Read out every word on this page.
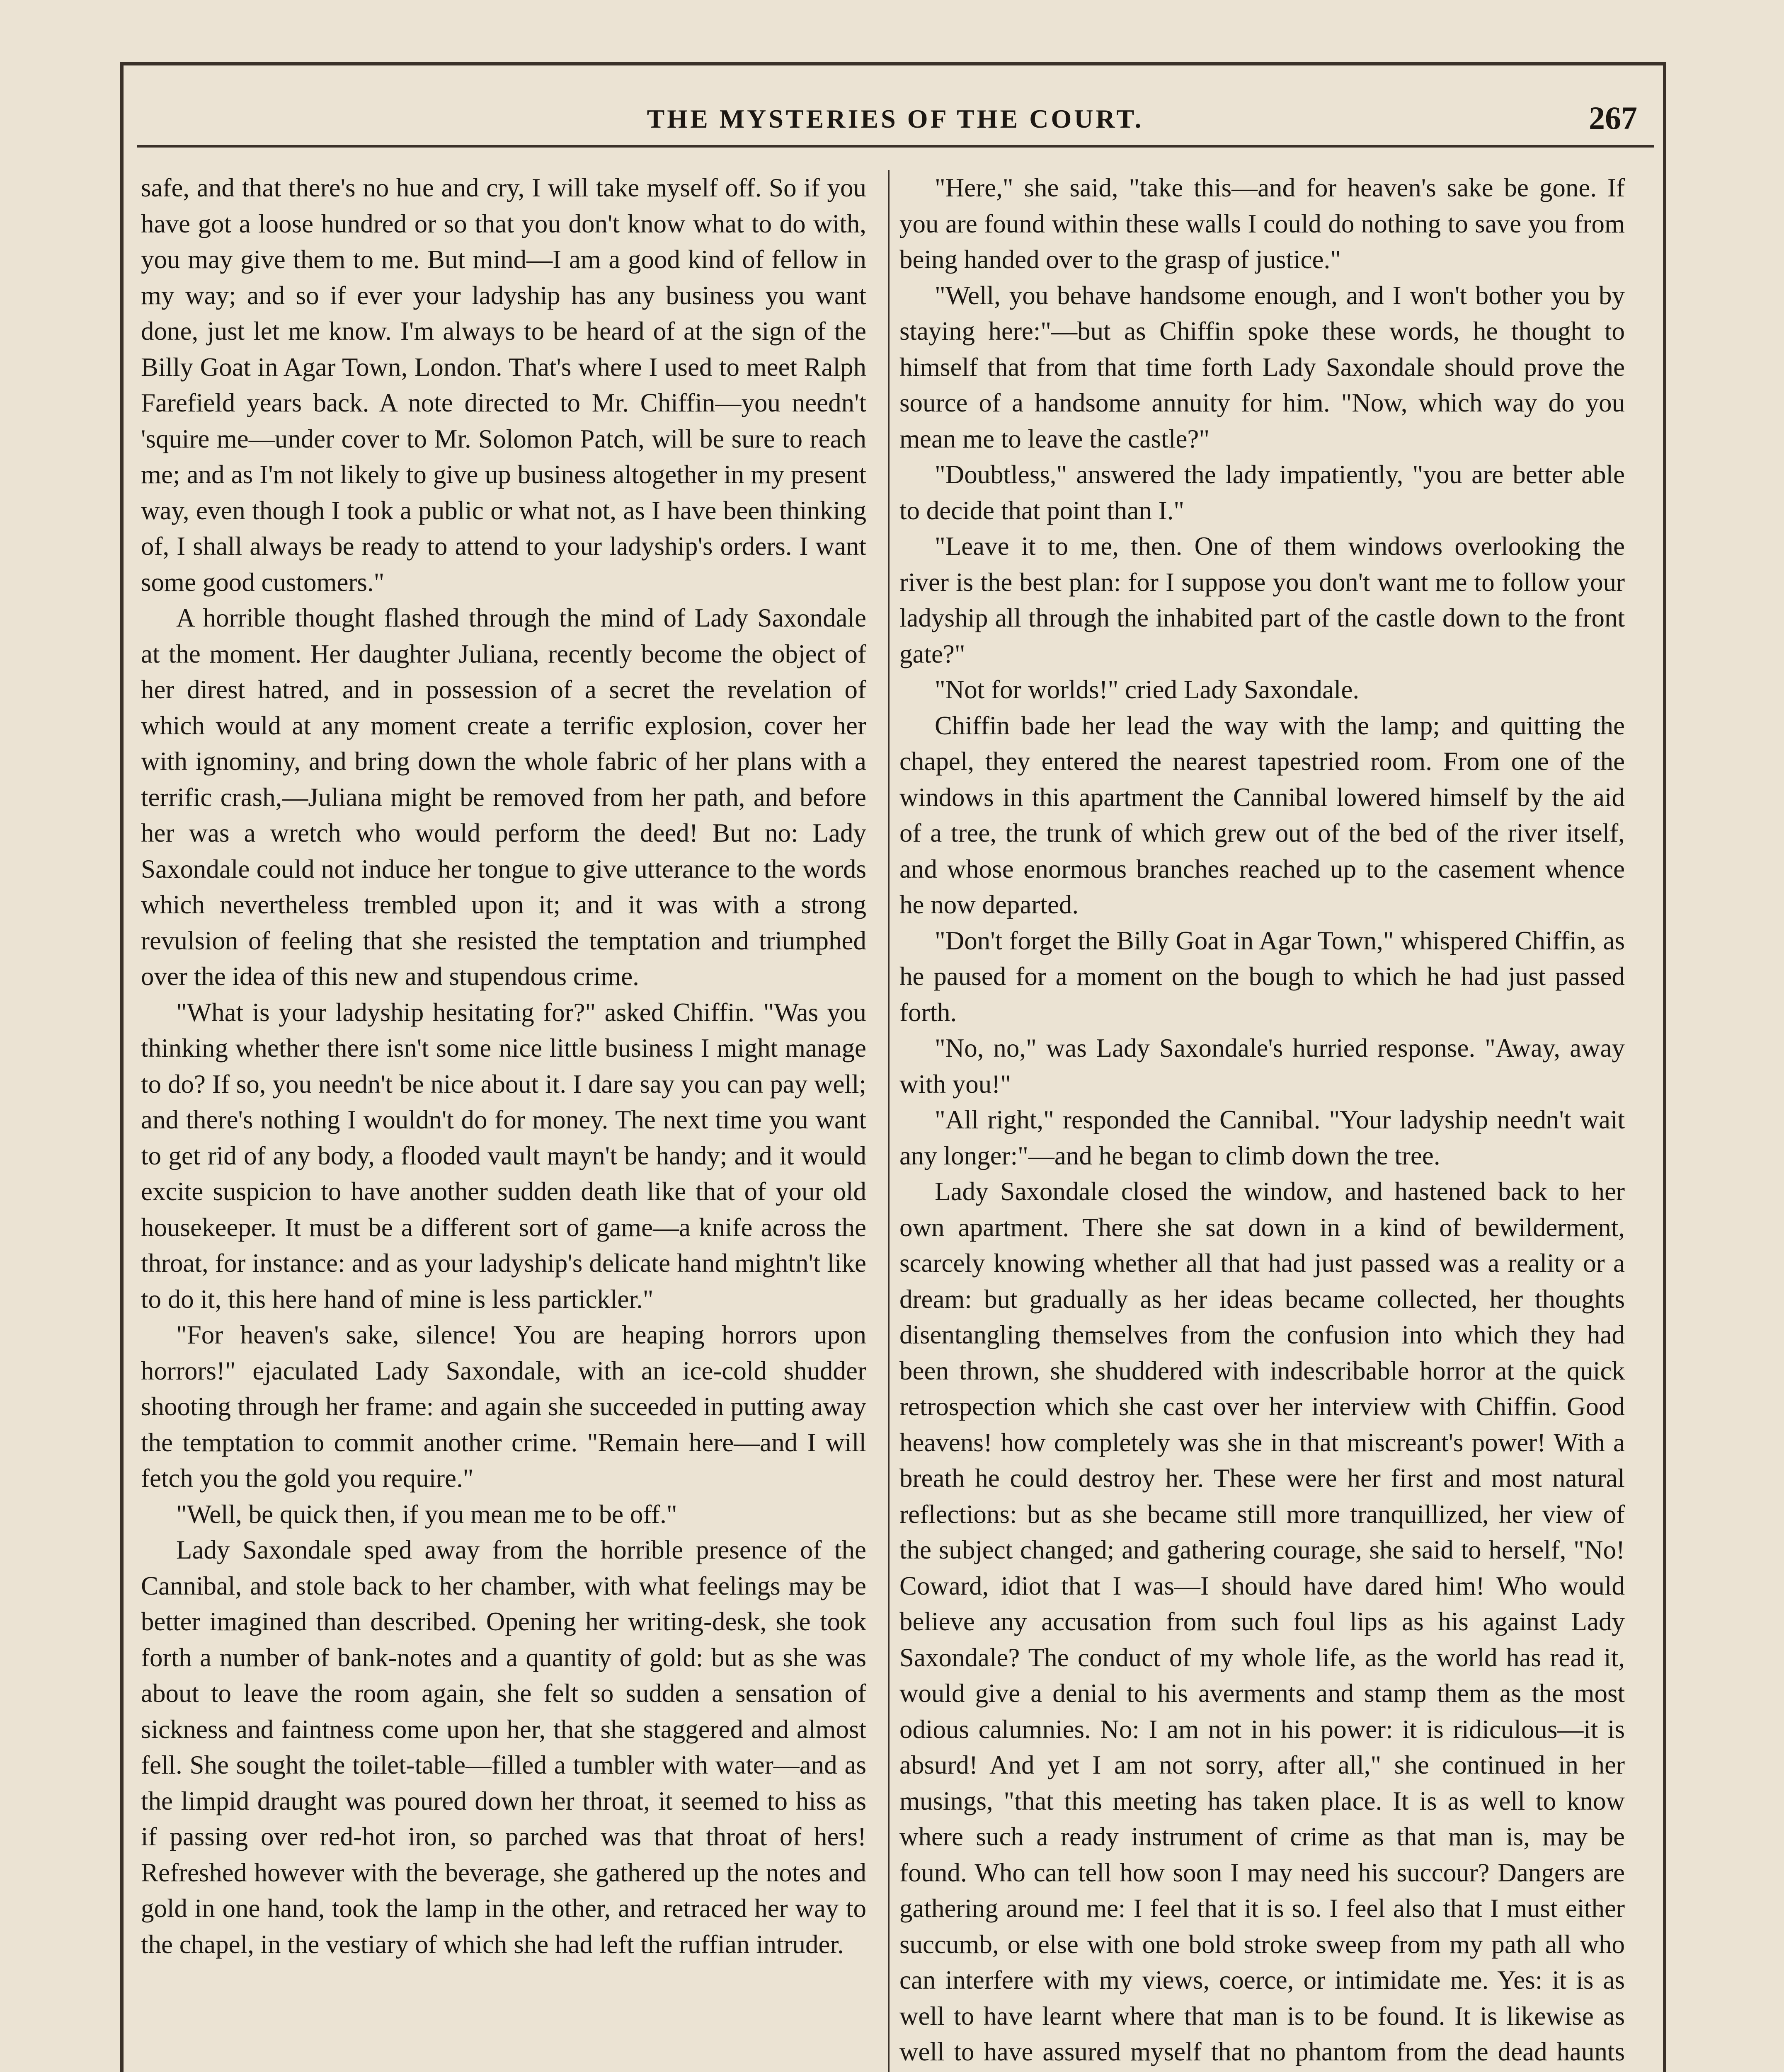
THE MYSTERIES OF THE COURT.	267

safe, and that there's no hue and cry, I will take myself off. So if you have got a loose hundred or so that you don't know what to do with, you may give them to me. But mind—I am a good kind of fellow in my way; and so if ever your ladyship has any business you want done, just let me know. I'm always to be heard of at the sign of the Billy Goat in Agar Town, London. That's where I used to meet Ralph Farefield years back. A note directed to Mr. Chiffin—you needn't 'squire me—under cover to Mr. Solomon Patch, will be sure to reach me; and as I'm not likely to give up business altogether in my present way, even though I took a public or what not, as I have been thinking of, I shall always be ready to attend to your ladyship's orders. I want some good customers."

A horrible thought flashed through the mind of Lady Saxondale at the moment. Her daughter Juliana, recently become the object of her direst hatred, and in possession of a secret the revelation of which would at any moment create a terrific explosion, cover her with ignominy, and bring down the whole fabric of her plans with a terrific crash,—Juliana might be removed from her path, and before her was a wretch who would perform the deed! But no: Lady Saxondale could not induce her tongue to give utterance to the words which nevertheless trembled upon it; and it was with a strong revulsion of feeling that she resisted the temptation and triumphed over the idea of this new and stupendous crime.

"What is your ladyship hesitating for?" asked Chiffin. "Was you thinking whether there isn't some nice little business I might manage to do? If so, you needn't be nice about it. I dare say you can pay well; and there's nothing I wouldn't do for money. The next time you want to get rid of any body, a flooded vault mayn't be handy; and it would excite suspicion to have another sudden death like that of your old housekeeper. It must be a different sort of game—a knife across the throat, for instance: and as your ladyship's delicate hand mightn't like to do it, this here hand of mine is less partickler."

"For heaven's sake, silence! You are heaping horrors upon horrors!" ejaculated Lady Saxondale, with an ice-cold shudder shooting through her frame: and again she succeeded in putting away the temptation to commit another crime. "Remain here—and I will fetch you the gold you require."

"Well, be quick then, if you mean me to be off."

Lady Saxondale sped away from the horrible presence of the Cannibal, and stole back to her chamber, with what feelings may be better imagined than described. Opening her writing-desk, she took forth a number of bank-notes and a quantity of gold: but as she was about to leave the room again, she felt so sudden a sensation of sickness and faintness come upon her, that she staggered and almost fell. She sought the toilet-table—filled a tumbler with water—and as the limpid draught was poured down her throat, it seemed to hiss as if passing over red-hot iron, so parched was that throat of hers! Refreshed however with the beverage, she gathered up the notes and gold in one hand, took the lamp in the other, and retraced her way to the chapel, in the vestiary of which she had left the ruffian intruder.

"Here," she said, "take this—and for heaven's sake be gone. If you are found within these walls I could do nothing to save you from being handed over to the grasp of justice."

"Well, you behave handsome enough, and I won't bother you by staying here:"—but as Chiffin spoke these words, he thought to himself that from that time forth Lady Saxondale should prove the source of a handsome annuity for him. "Now, which way do you mean me to leave the castle?"

"Doubtless," answered the lady impatiently, "you are better able to decide that point than I."

"Leave it to me, then. One of them windows overlooking the river is the best plan: for I suppose you don't want me to follow your ladyship all through the inhabited part of the castle down to the front gate?"

"Not for worlds!" cried Lady Saxondale.

Chiffin bade her lead the way with the lamp; and quitting the chapel, they entered the nearest tapestried room. From one of the windows in this apartment the Cannibal lowered himself by the aid of a tree, the trunk of which grew out of the bed of the river itself, and whose enormous branches reached up to the casement whence he now departed.

"Don't forget the Billy Goat in Agar Town," whispered Chiffin, as he paused for a moment on the bough to which he had just passed forth.

"No, no," was Lady Saxondale's hurried response. "Away, away with you!"

"All right," responded the Cannibal. "Your ladyship needn't wait any longer:"—and he began to climb down the tree.

Lady Saxondale closed the window, and hastened back to her own apartment. There she sat down in a kind of bewilderment, scarcely knowing whether all that had just passed was a reality or a dream: but gradually as her ideas became collected, her thoughts disentangling themselves from the confusion into which they had been thrown, she shuddered with indescribable horror at the quick retrospection which she cast over her interview with Chiffin. Good heavens! how completely was she in that miscreant's power! With a breath he could destroy her. These were her first and most natural reflections: but as she became still more tranquillized, her view of the subject changed; and gathering courage, she said to herself, "No! Coward, idiot that I was—I should have dared him! Who would believe any accusation from such foul lips as his against Lady Saxondale? The conduct of my whole life, as the world has read it, would give a denial to his averments and stamp them as the most odious calumnies. No: I am not in his power: it is ridiculous—it is absurd! And yet I am not sorry, after all," she continued in her musings, "that this meeting has taken place. It is as well to know where such a ready instrument of crime as that man is, may be found. Who can tell how soon I may need his succour? Dangers are gathering around me: I feel that it is so. I feel also that I must either succumb, or else with one bold stroke sweep from my path all who can interfere with my views, coerce, or intimidate me. Yes: it is as well to have learnt where that man is to be found. It is likewise as well to have assured myself that no phantom from the dead haunts
